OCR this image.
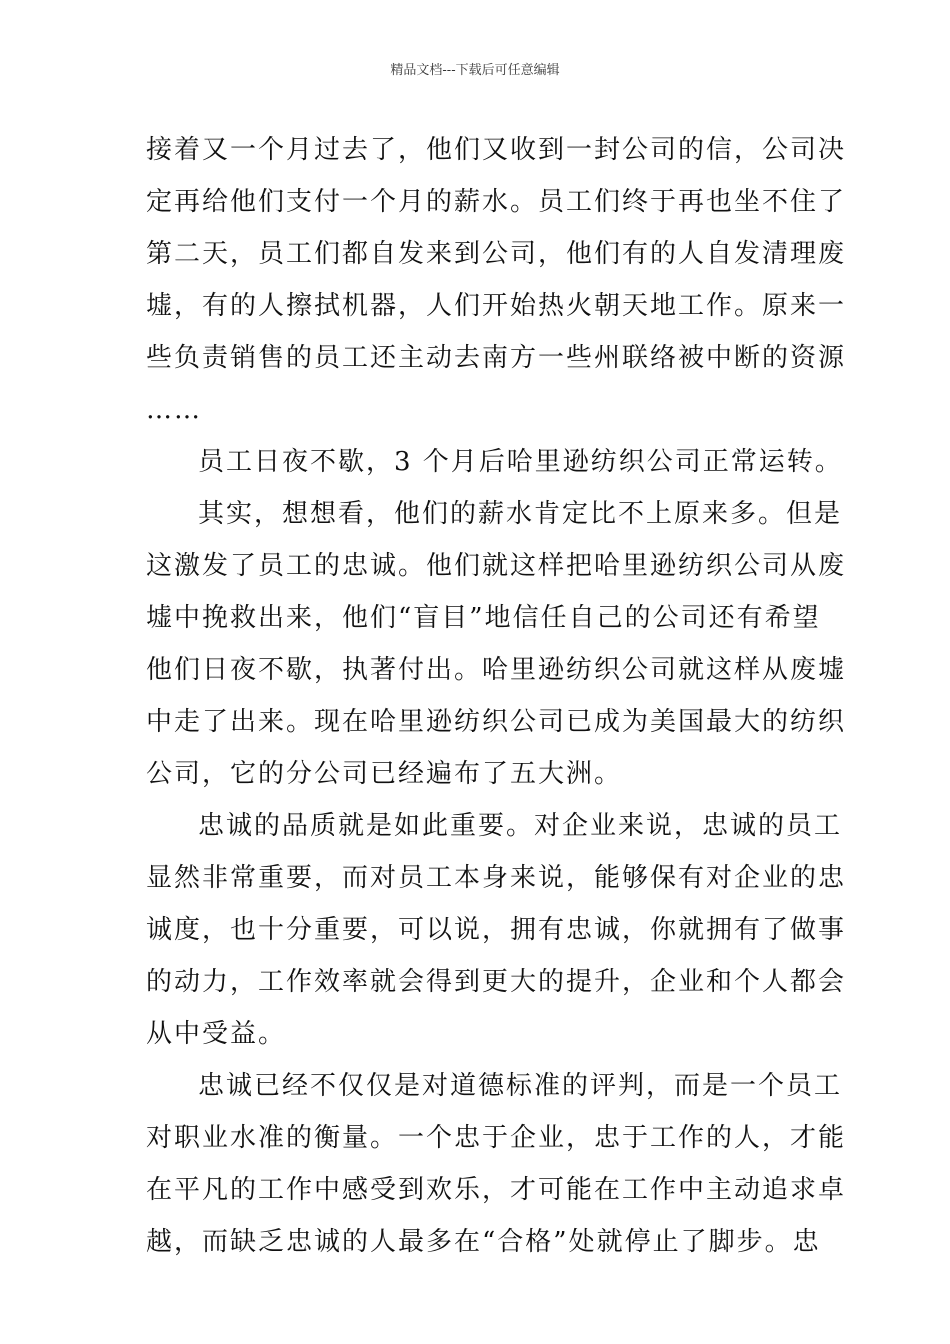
精品文档---下载后可任意编辑
接着又一个月过去了，他们又收到一封公司的信，公司决
定再给他们支付一个月的薪水。员工们终于再也坐不住了
第二天，员工们都自发来到公司，他们有的人自发清理废
墟，有的人擦拭机器，人们开始热火朝天地工作。原来一
些负责销售的员工还主动去南方一些州联络被中断的资源
……
员工日夜不歇，3 个月后哈里逊纺织公司正常运转。
其实，想想看，他们的薪水肯定比不上原来多。但是
这激发了员工的忠诚。他们就这样把哈里逊纺织公司从废
墟中挽救出来，他们“盲目”地信任自己的公司还有希望
他们日夜不歇，执著付出。哈里逊纺织公司就这样从废墟
中走了出来。现在哈里逊纺织公司已成为美国最大的纺织
公司，它的分公司已经遍布了五大洲。
忠诚的品质就是如此重要。对企业来说，忠诚的员工
显然非常重要，而对员工本身来说，能够保有对企业的忠
诚度，也十分重要，可以说，拥有忠诚，你就拥有了做事
的动力，工作效率就会得到更大的提升，企业和个人都会
从中受益。
忠诚已经不仅仅是对道德标准的评判，而是一个员工
对职业水准的衡量。一个忠于企业，忠于工作的人，才能
在平凡的工作中感受到欢乐，才可能在工作中主动追求卓
越，而缺乏忠诚的人最多在“合格”处就停止了脚步。忠
